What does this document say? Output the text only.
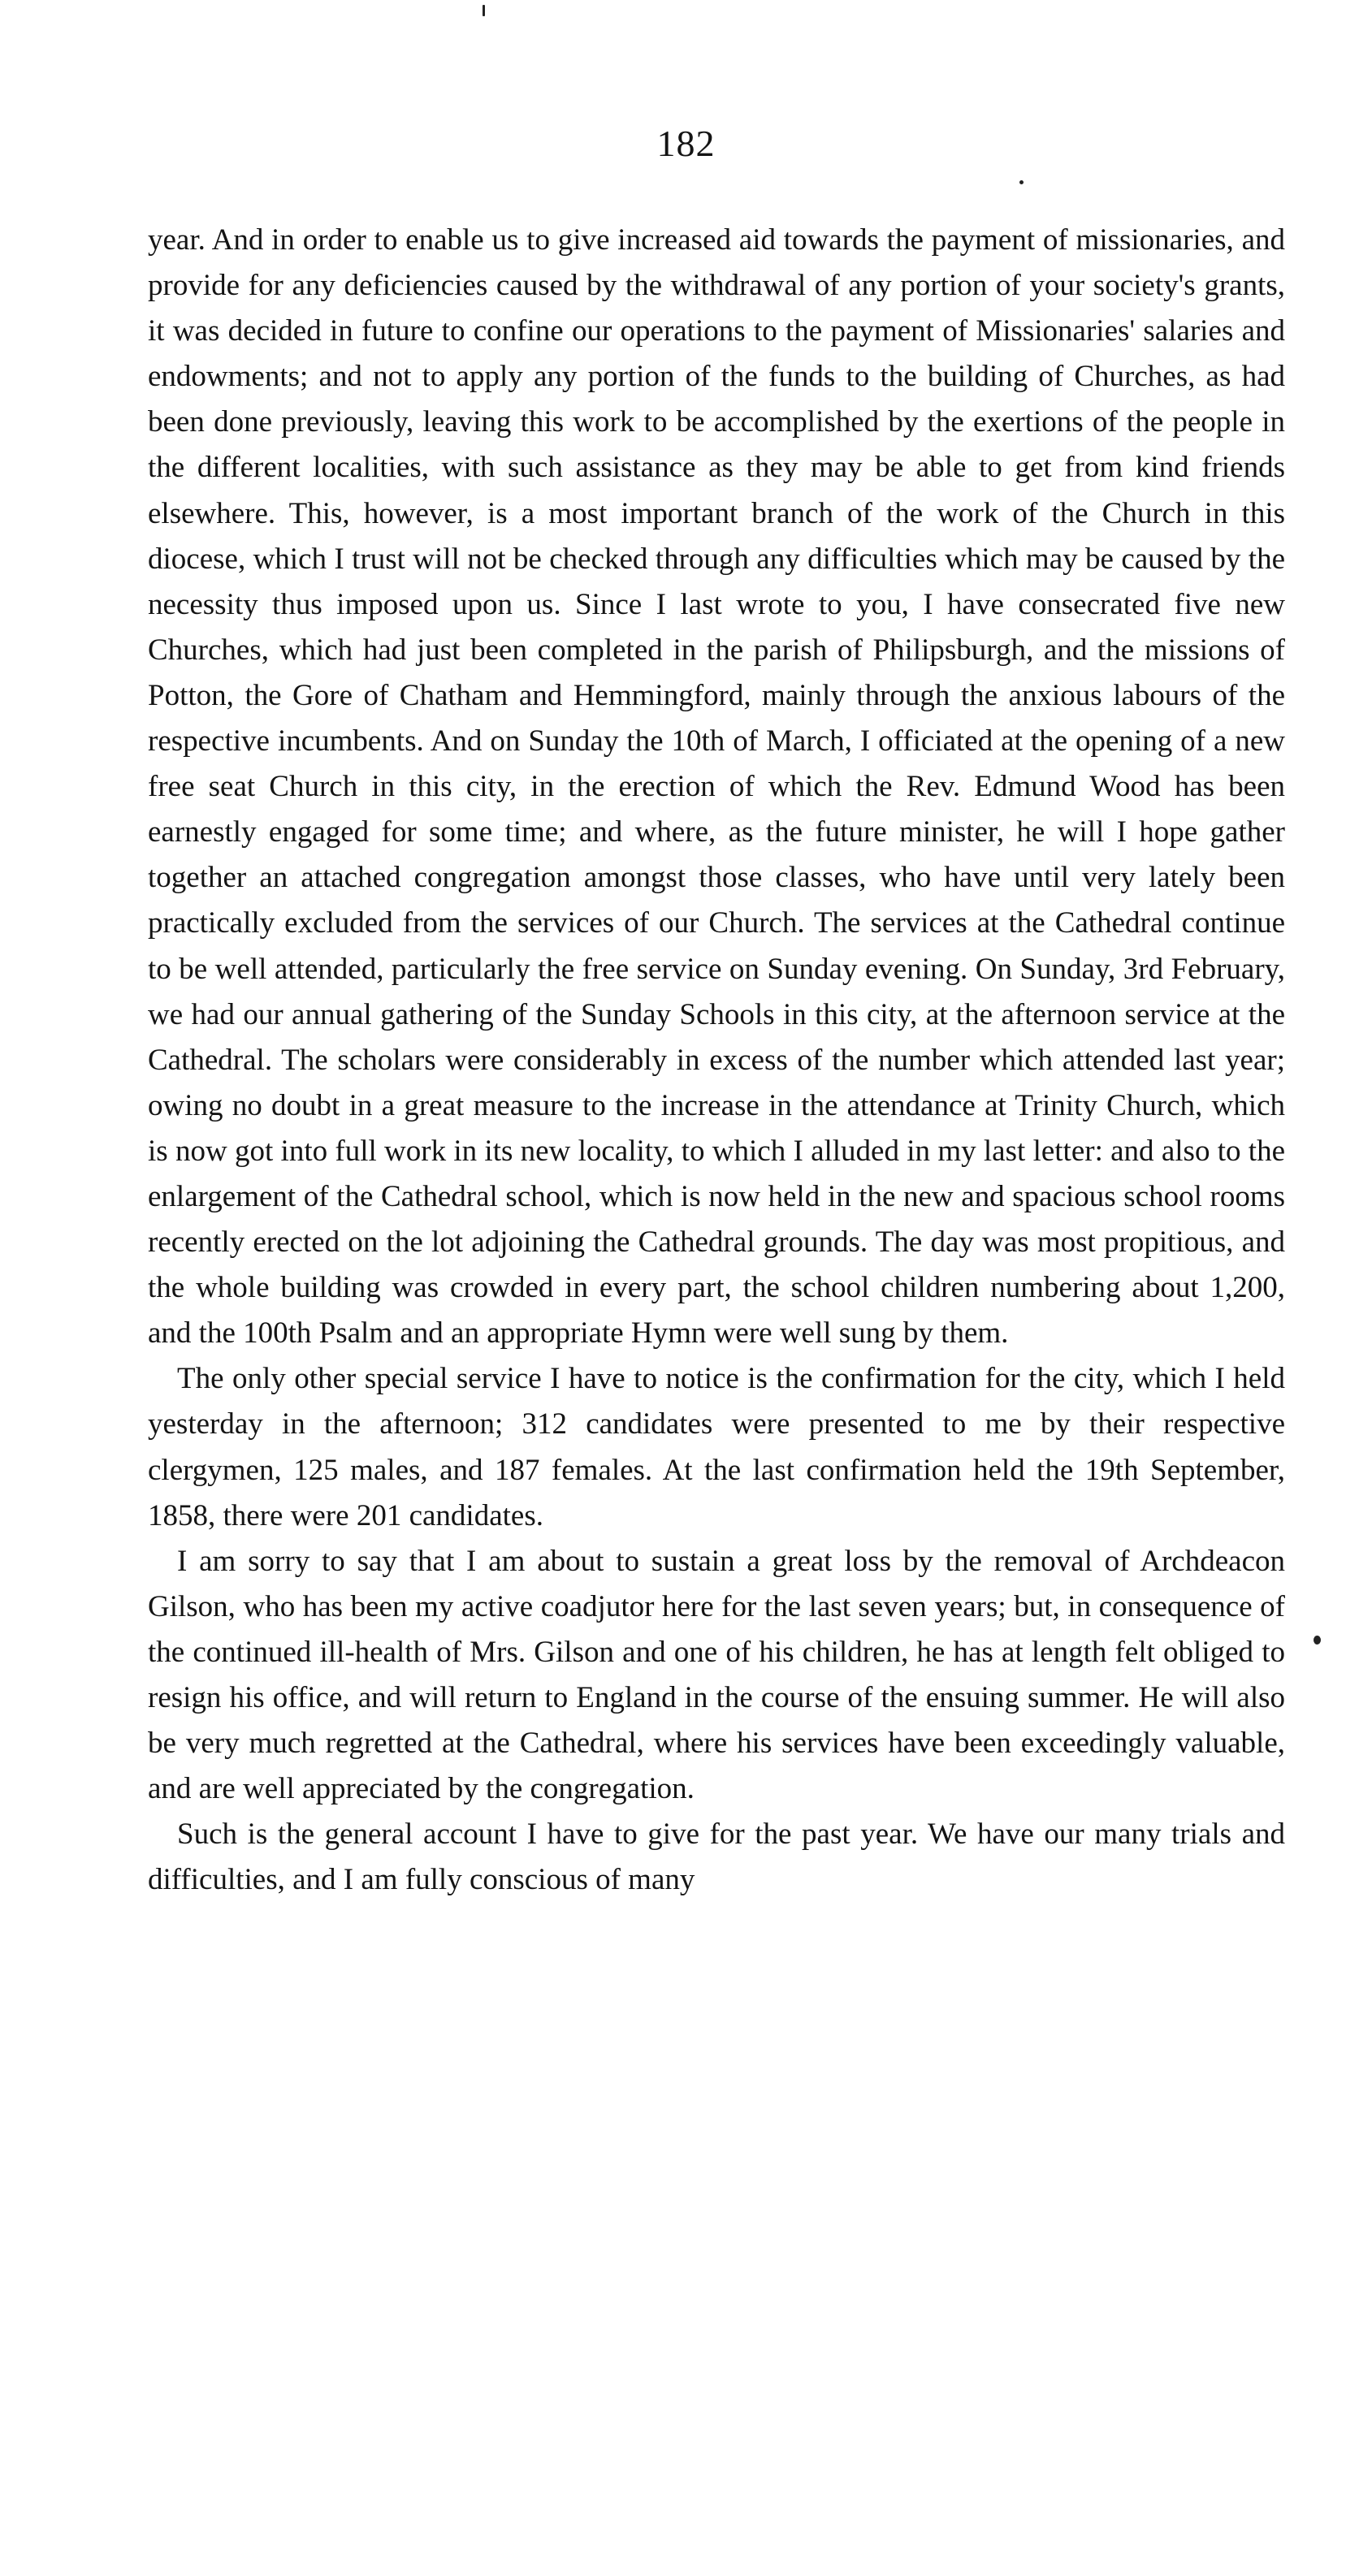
182

year. And in order to enable us to give increased aid towards the payment of missionaries, and provide for any deficiencies caused by the withdrawal of any portion of your society's grants, it was decided in future to confine our operations to the payment of Missionaries' salaries and endowments; and not to apply any portion of the funds to the building of Churches, as had been done previously, leaving this work to be accomplished by the exertions of the people in the different localities, with such assistance as they may be able to get from kind friends elsewhere. This, however, is a most important branch of the work of the Church in this diocese, which I trust will not be checked through any difficulties which may be caused by the necessity thus imposed upon us. Since I last wrote to you, I have consecrated five new Churches, which had just been completed in the parish of Philipsburgh, and the missions of Potton, the Gore of Chatham and Hemmingford, mainly through the anxious labours of the respective incumbents. And on Sunday the 10th of March, I officiated at the opening of a new free seat Church in this city, in the erection of which the Rev. Edmund Wood has been earnestly engaged for some time; and where, as the future minister, he will I hope gather together an attached congregation amongst those classes, who have until very lately been practically excluded from the services of our Church. The services at the Cathedral continue to be well attended, particularly the free service on Sunday evening. On Sunday, 3rd February, we had our annual gathering of the Sunday Schools in this city, at the afternoon service at the Cathedral. The scholars were considerably in excess of the number which attended last year; owing no doubt in a great measure to the increase in the attendance at Trinity Church, which is now got into full work in its new locality, to which I alluded in my last letter: and also to the enlargement of the Cathedral school, which is now held in the new and spacious school rooms recently erected on the lot adjoining the Cathedral grounds. The day was most propitious, and the whole building was crowded in every part, the school children numbering about 1,200, and the 100th Psalm and an appropriate Hymn were well sung by them.

The only other special service I have to notice is the confirmation for the city, which I held yesterday in the afternoon; 312 candidates were presented to me by their respective clergymen, 125 males, and 187 females. At the last confirmation held the 19th September, 1858, there were 201 candidates.

I am sorry to say that I am about to sustain a great loss by the removal of Archdeacon Gilson, who has been my active coadjutor here for the last seven years; but, in consequence of the continued ill-health of Mrs. Gilson and one of his children, he has at length felt obliged to resign his office, and will return to England in the course of the ensuing summer. He will also be very much regretted at the Cathedral, where his services have been exceedingly valuable, and are well appreciated by the congregation.

Such is the general account I have to give for the past year. We have our many trials and difficulties, and I am fully conscious of many
